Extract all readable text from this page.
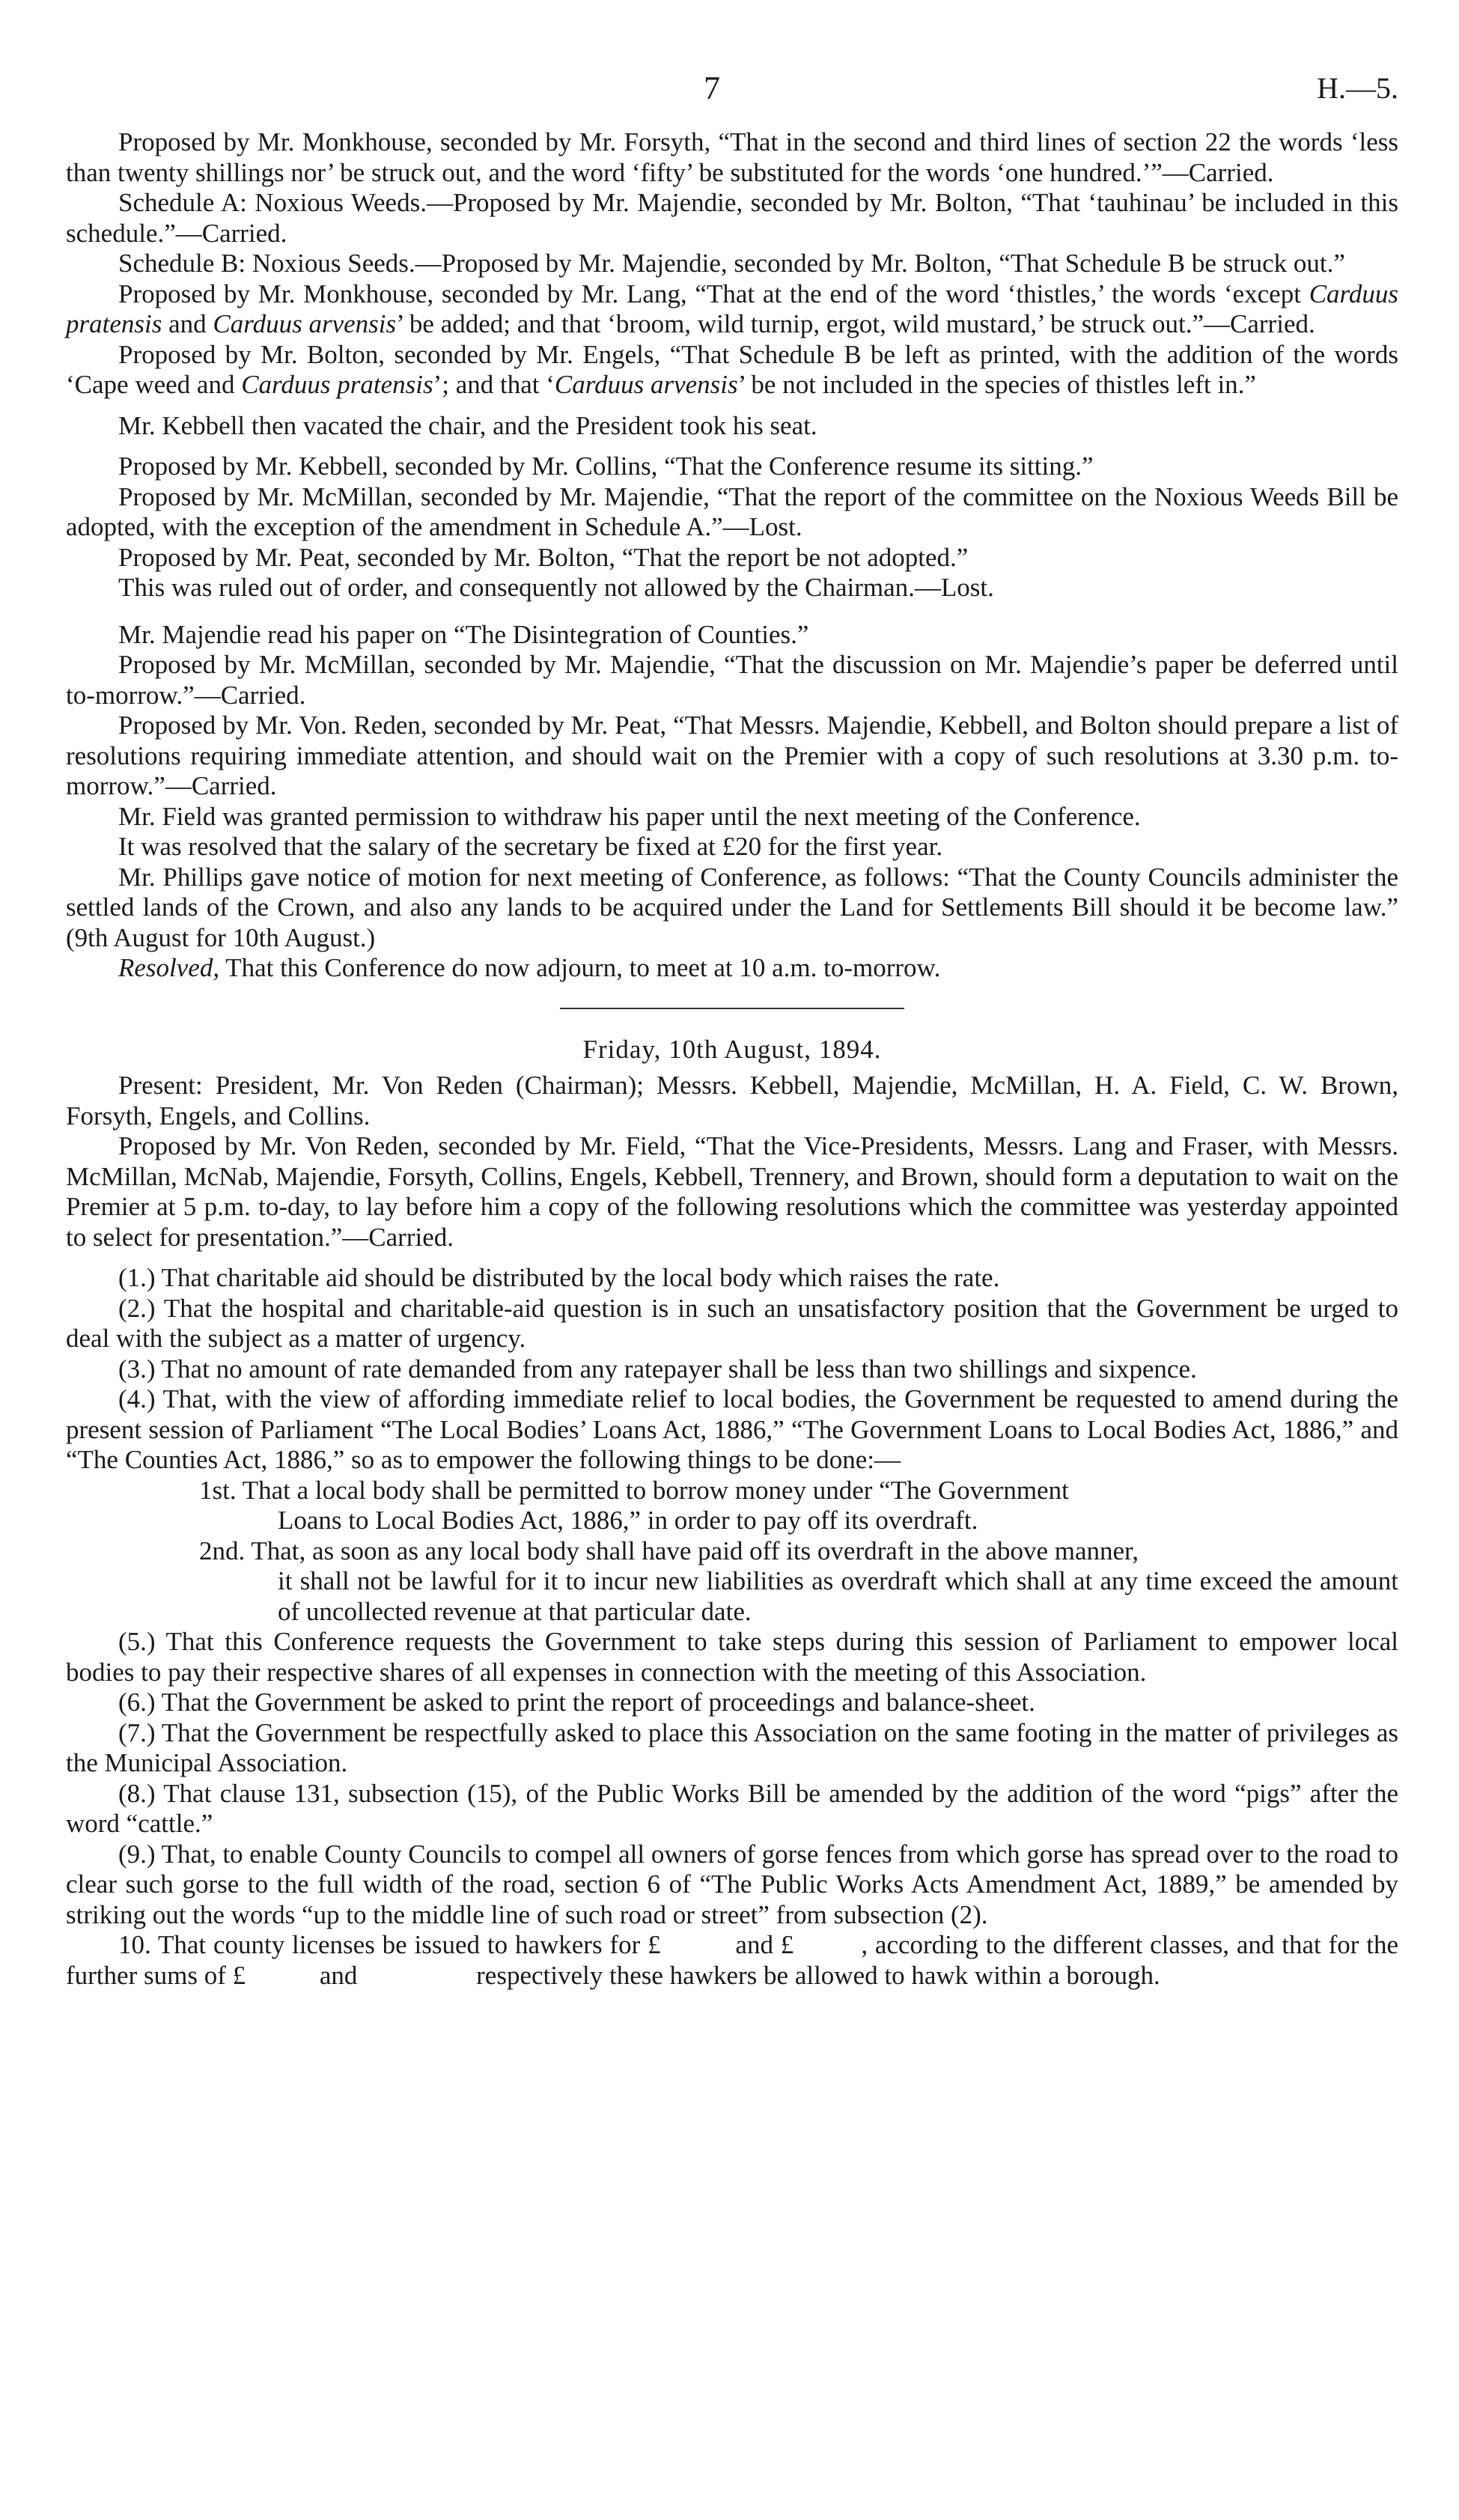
7	H.—5.

Proposed by Mr. Monkhouse, seconded by Mr. Forsyth, “That in the second and third lines of section 22 the words ‘less than twenty shillings nor’ be struck out, and the word ‘fifty’ be substituted for the words ‘one hundred.’”—Carried.

Schedule A: Noxious Weeds.—Proposed by Mr. Majendie, seconded by Mr. Bolton, “That ‘tauhinau’ be included in this schedule.”—Carried.

Schedule B: Noxious Seeds.—Proposed by Mr. Majendie, seconded by Mr. Bolton, “That Schedule B be struck out.”

Proposed by Mr. Monkhouse, seconded by Mr. Lang, “That at the end of the word ‘thistles,’ the words ‘except Carduus pratensis and Carduus arvensis’ be added; and that ‘broom, wild turnip, ergot, wild mustard,’ be struck out.”—Carried.

Proposed by Mr. Bolton, seconded by Mr. Engels, “That Schedule B be left as printed, with the addition of the words ‘Cape weed and Carduus pratensis’; and that ‘Carduus arvensis’ be not included in the species of thistles left in.”

Mr. Kebbell then vacated the chair, and the President took his seat.

Proposed by Mr. Kebbell, seconded by Mr. Collins, “That the Conference resume its sitting.”

Proposed by Mr. McMillan, seconded by Mr. Majendie, “That the report of the committee on the Noxious Weeds Bill be adopted, with the exception of the amendment in Schedule A.”—Lost.

Proposed by Mr. Peat, seconded by Mr. Bolton, “That the report be not adopted.”

This was ruled out of order, and consequently not allowed by the Chairman.—Lost.

Mr. Majendie read his paper on “The Disintegration of Counties.”

Proposed by Mr. McMillan, seconded by Mr. Majendie, “That the discussion on Mr. Majendie’s paper be deferred until to-morrow.”—Carried.

Proposed by Mr. Von. Reden, seconded by Mr. Peat, “That Messrs. Majendie, Kebbell, and Bolton should prepare a list of resolutions requiring immediate attention, and should wait on the Premier with a copy of such resolutions at 3.30 p.m. to-morrow.”—Carried.

Mr. Field was granted permission to withdraw his paper until the next meeting of the Conference.

It was resolved that the salary of the secretary be fixed at £20 for the first year.

Mr. Phillips gave notice of motion for next meeting of Conference, as follows: “That the County Councils administer the settled lands of the Crown, and also any lands to be acquired under the Land for Settlements Bill should it be become law.” (9th August for 10th August.)

Resolved, That this Conference do now adjourn, to meet at 10 a.m. to-morrow.

Friday, 10th August, 1894.

Present: President, Mr. Von Reden (Chairman); Messrs. Kebbell, Majendie, McMillan, H. A. Field, C. W. Brown, Forsyth, Engels, and Collins.

Proposed by Mr. Von Reden, seconded by Mr. Field, “That the Vice-Presidents, Messrs. Lang and Fraser, with Messrs. McMillan, McNab, Majendie, Forsyth, Collins, Engels, Kebbell, Trennery, and Brown, should form a deputation to wait on the Premier at 5 p.m. to-day, to lay before him a copy of the following resolutions which the committee was yesterday appointed to select for presentation.”—Carried.

(1.) That charitable aid should be distributed by the local body which raises the rate.

(2.) That the hospital and charitable-aid question is in such an unsatisfactory position that the Government be urged to deal with the subject as a matter of urgency.

(3.) That no amount of rate demanded from any ratepayer shall be less than two shillings and sixpence.

(4.) That, with the view of affording immediate relief to local bodies, the Government be requested to amend during the present session of Parliament “The Local Bodies’ Loans Act, 1886,” “The Government Loans to Local Bodies Act, 1886,” and “The Counties Act, 1886,” so as to empower the following things to be done:—

1st. That a local body shall be permitted to borrow money under “The Government
Loans to Local Bodies Act, 1886,” in order to pay off its overdraft.
2nd. That, as soon as any local body shall have paid off its overdraft in the above manner,
it shall not be lawful for it to incur new liabilities as overdraft which shall at any time exceed the amount of uncollected revenue at that particular date.

(5.) That this Conference requests the Government to take steps during this session of Parliament to empower local bodies to pay their respective shares of all expenses in connection with the meeting of this Association.

(6.) That the Government be asked to print the report of proceedings and balance-sheet.

(7.) That the Government be respectfully asked to place this Association on the same footing in the matter of privileges as the Municipal Association.

(8.) That clause 131, subsection (15), of the Public Works Bill be amended by the addition of the word “pigs” after the word “cattle.”

(9.) That, to enable County Councils to compel all owners of gorse fences from which gorse has spread over to the road to clear such gorse to the full width of the road, section 6 of “The Public Works Acts Amendment Act, 1889,” be amended by striking out the words “up to the middle line of such road or street” from subsection (2).

10. That county licenses be issued to hawkers for £	and £	, according to the different classes, and that for the further sums of £	and	respectively these hawkers be allowed to hawk within a borough.
